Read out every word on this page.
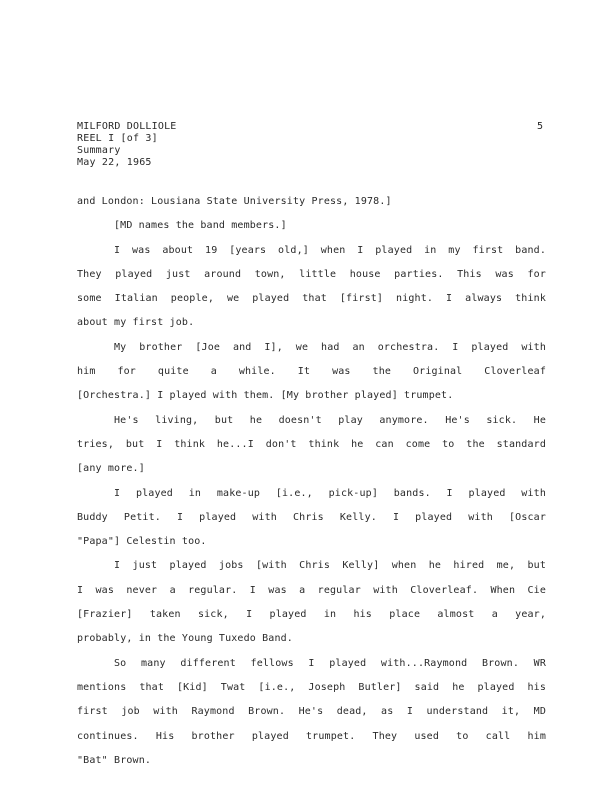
MILFORD DOLLIOLE
REEL I [of 3]
Summary
May 22, 1965
5
and London: Lousiana State University Press, 1978.]
[MD names the band members.]
I was about 19 [years old,] when I played in my first band.
They played just around town, little house parties. This was for
some Italian people, we played that [first] night. I always think
about my first job.
My brother [Joe and I], we had an orchestra. I played with
him for quite a while. It was the Original Cloverleaf
[Orchestra.] I played with them. [My brother played] trumpet.
He's living, but he doesn't play anymore. He's sick. He
tries, but I think he...I don't think he can come to the standard
[any more.]
I played in make-up [i.e., pick-up] bands. I played with
Buddy Petit. I played with Chris Kelly. I played with [Oscar
"Papa"] Celestin too.
I just played jobs [with Chris Kelly] when he hired me, but
I was never a regular. I was a regular with Cloverleaf. When Cie
[Frazier] taken sick, I played in his place almost a year,
probably, in the Young Tuxedo Band.
So many different fellows I played with...Raymond Brown. WR
mentions that [Kid] Twat [i.e., Joseph Butler] said he played his
first job with Raymond Brown. He's dead, as I understand it, MD
continues. His brother played trumpet. They used to call him
"Bat" Brown.
